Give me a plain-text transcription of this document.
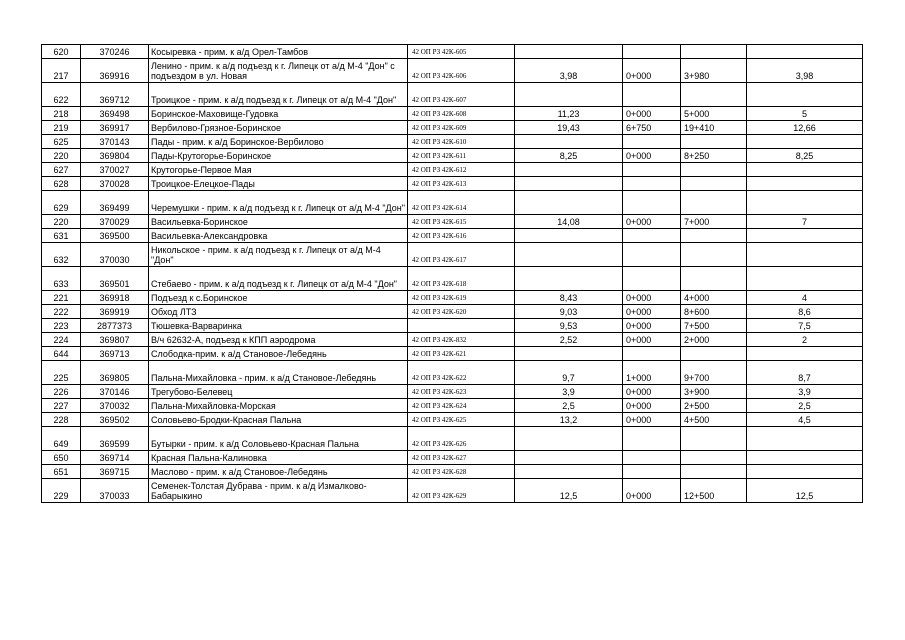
620	370246	Косыревка - прим. к а/д Орел-Тамбов	42 ОП РЗ 42К-605				
217	369916	Ленино - прим. к а/д подъезд к г. Липецк от а/д М-4 "Дон" с подъездом в ул. Новая	42 ОП РЗ 42К-606	3,98	0+000	3+980	3,98
622	369712	Троицкое - прим. к а/д подъезд к г. Липецк от а/д М-4 "Дон"	42 ОП РЗ 42К-607				
218	369498	Боринское-Маховище-Гудовка	42 ОП РЗ 42К-608	11,23	0+000	5+000	5
219	369917	Вербилово-Грязное-Боринское	42 ОП РЗ 42К-609	19,43	6+750	19+410	12,66
625	370143	Пады - прим. к а/д Боринское-Вербилово	42 ОП РЗ 42К-610				
220	369804	Пады-Крутогорье-Боринское	42 ОП РЗ 42К-611	8,25	0+000	8+250	8,25
627	370027	Крутогорье-Первое Мая	42 ОП РЗ 42К-612				
628	370028	Троицкое-Елецкое-Пады	42 ОП РЗ 42К-613				
629	369499	Черемушки - прим. к а/д подъезд к г. Липецк от а/д М-4 "Дон"	42 ОП РЗ 42К-614				
220	370029	Васильевка-Боринское	42 ОП РЗ 42К-615	14,08	0+000	7+000	7
631	369500	Васильевка-Александровка	42 ОП РЗ 42К-616				
632	370030	Никольское - прим. к а/д подъезд к г. Липецк от а/д М-4 "Дон"	42 ОП РЗ 42К-617				
633	369501	Стебаево - прим. к а/д подъезд к г. Липецк от а/д М-4 "Дон"	42 ОП РЗ 42К-618				
221	369918	Подъезд к с.Боринское	42 ОП РЗ 42К-619	8,43	0+000	4+000	4
222	369919	Обход ЛТЗ	42 ОП РЗ 42К-620	9,03	0+000	8+600	8,6
223	2877373	Тюшевка-Варваринка		9,53	0+000	7+500	7,5
224	369807	В/ч 62632-А, подъезд к КПП аэродрома	42 ОП РЗ 42К-832	2,52	0+000	2+000	2
644	369713	Слободка-прим. к а/д Становое-Лебедянь	42 ОП РЗ 42К-621				
225	369805	Пальна-Михайловка - прим. к а/д Становое-Лебедянь	42 ОП РЗ 42К-622	9,7	1+000	9+700	8,7
226	370146	Трегубово-Белевец	42 ОП РЗ 42К-623	3,9	0+000	3+900	3,9
227	370032	Пальна-Михайловка-Морская	42 ОП РЗ 42К-624	2,5	0+000	2+500	2,5
228	369502	Соловьево-Бродки-Красная Пальна	42 ОП РЗ 42К-625	13,2	0+000	4+500	4,5
649	369599	Бутырки - прим. к а/д Соловьево-Красная Пальна	42 ОП РЗ 42К-626				
650	369714	Красная Пальна-Калиновка	42 ОП РЗ 42К-627				
651	369715	Маслово - прим. к а/д Становое-Лебедянь	42 ОП РЗ 42К-628				
229	370033	Семенек-Толстая Дубрава - прим. к а/д Измалково-Бабарыкино	42 ОП РЗ 42К-629	12,5	0+000	12+500	12,5
